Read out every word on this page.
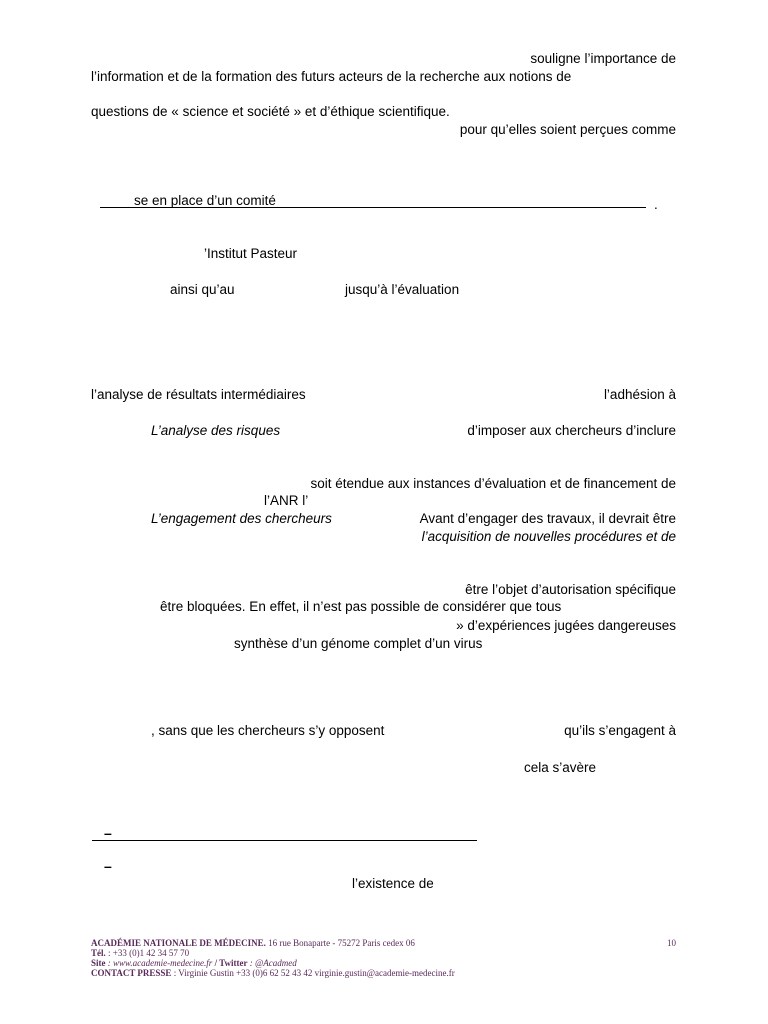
souligne l’importance de
l’information et de la formation des futurs acteurs de la recherche aux notions de
questions de « science et société » et d’éthique scientifique.
pour qu’elles soient perçues comme
se en place d’un comité	.
’Institut Pasteur
ainsi qu’au	jusqu’à l’évaluation
l’analyse de résultats intermédiaires	l’adhésion à
L’analyse des risques	d’imposer aux chercheurs d’inclure
soit étendue aux instances d’évaluation et de financement de
l’ANR l’
L’engagement des chercheurs	Avant d’engager des travaux, il devrait être
l’acquisition de nouvelles procédures et de
être l’objet d’autorisation spécifique
être bloquées. En effet, il n’est pas possible de considérer que tous
» d’expériences jugées dangereuses
synthèse d’un génome complet d’un virus
, sans que les chercheurs s’y opposent	qu’ils s’engagent à
cela s’avère
–
–
l’existence de
ACADÉMIE NATIONALE DE MÉDECINE. 16 rue Bonaparte - 75272 Paris cedex 06
Tél. : +33 (0)1 42 34 57 70
Site : www.academie-medecine.fr / Twitter : @Acadmed
CONTACT PRESSE : Virginie Gustin +33 (0)6 62 52 43 42 virginie.gustin@academie-medecine.fr
10
